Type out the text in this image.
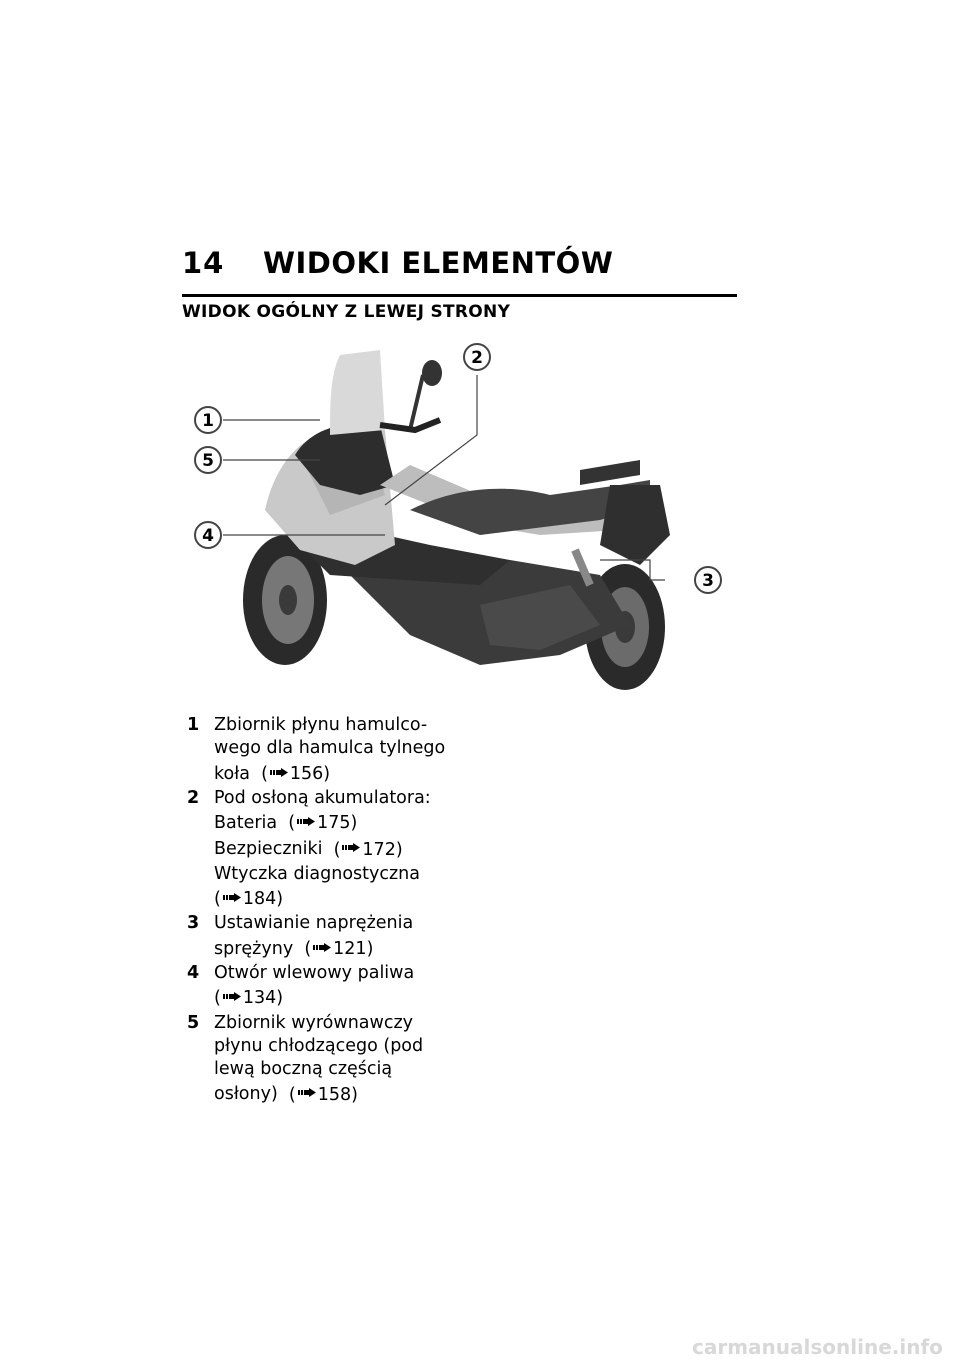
14 WIDOKI ELEMENTÓW
WIDOK OGÓLNY Z LEWEJ STRONY
1
5
4
2
3
1 Zbiornik płynu hamulco-
wego dla hamulca tylnego
koła ( 156)
2 Pod osłoną akumulatora:
Bateria ( 175)
Bezpieczniki ( 172)
Wtyczka diagnostyczna
( 184)
3 Ustawianie naprężenia
sprężyny ( 121)
4 Otwór wlewowy paliwa
( 134)
5 Zbiornik wyrównawczy
płynu chłodzącego (pod
lewą boczną częścią
osłony) ( 158)
carmanualsonline.info
